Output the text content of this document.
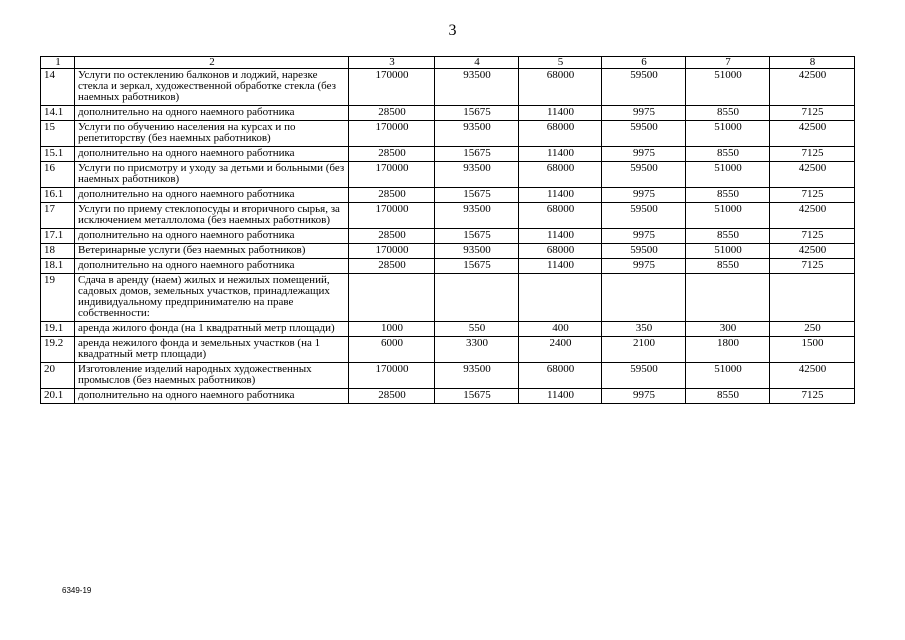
3
1	2	3	4	5	6	7	8
14	Услуги по остеклению балконов и лоджий, нарезке стекла и зеркал, художественной обработке стекла (без наемных работников)	170000	93500	68000	59500	51000	42500
14.1	дополнительно на одного наемного работника	28500	15675	11400	9975	8550	7125
15	Услуги по обучению населения на курсах и по репетиторству (без наемных работников)	170000	93500	68000	59500	51000	42500
15.1	дополнительно на одного наемного работника	28500	15675	11400	9975	8550	7125
16	Услуги по присмотру и уходу за детьми и больными (без наемных работников)	170000	93500	68000	59500	51000	42500
16.1	дополнительно на одного наемного работника	28500	15675	11400	9975	8550	7125
17	Услуги по приему стеклопосуды и вторичного сырья, за исключением металлолома (без наемных работников)	170000	93500	68000	59500	51000	42500
17.1	дополнительно на одного наемного работника	28500	15675	11400	9975	8550	7125
18	Ветеринарные услуги (без наемных работников)	170000	93500	68000	59500	51000	42500
18.1	дополнительно на одного наемного работника	28500	15675	11400	9975	8550	7125
19	Сдача в аренду (наем) жилых и нежилых помещений, садовых домов, земельных участков, принадлежащих индивидуальному предпринимателю на праве собственности:						
19.1	аренда жилого фонда (на 1 квадратный метр площади)	1000	550	400	350	300	250
19.2	аренда нежилого фонда и земельных участков (на 1 квадратный метр площади)	6000	3300	2400	2100	1800	1500
20	Изготовление изделий народных художественных промыслов (без наемных работников)	170000	93500	68000	59500	51000	42500
20.1	дополнительно на одного наемного работника	28500	15675	11400	9975	8550	7125
6349-19
